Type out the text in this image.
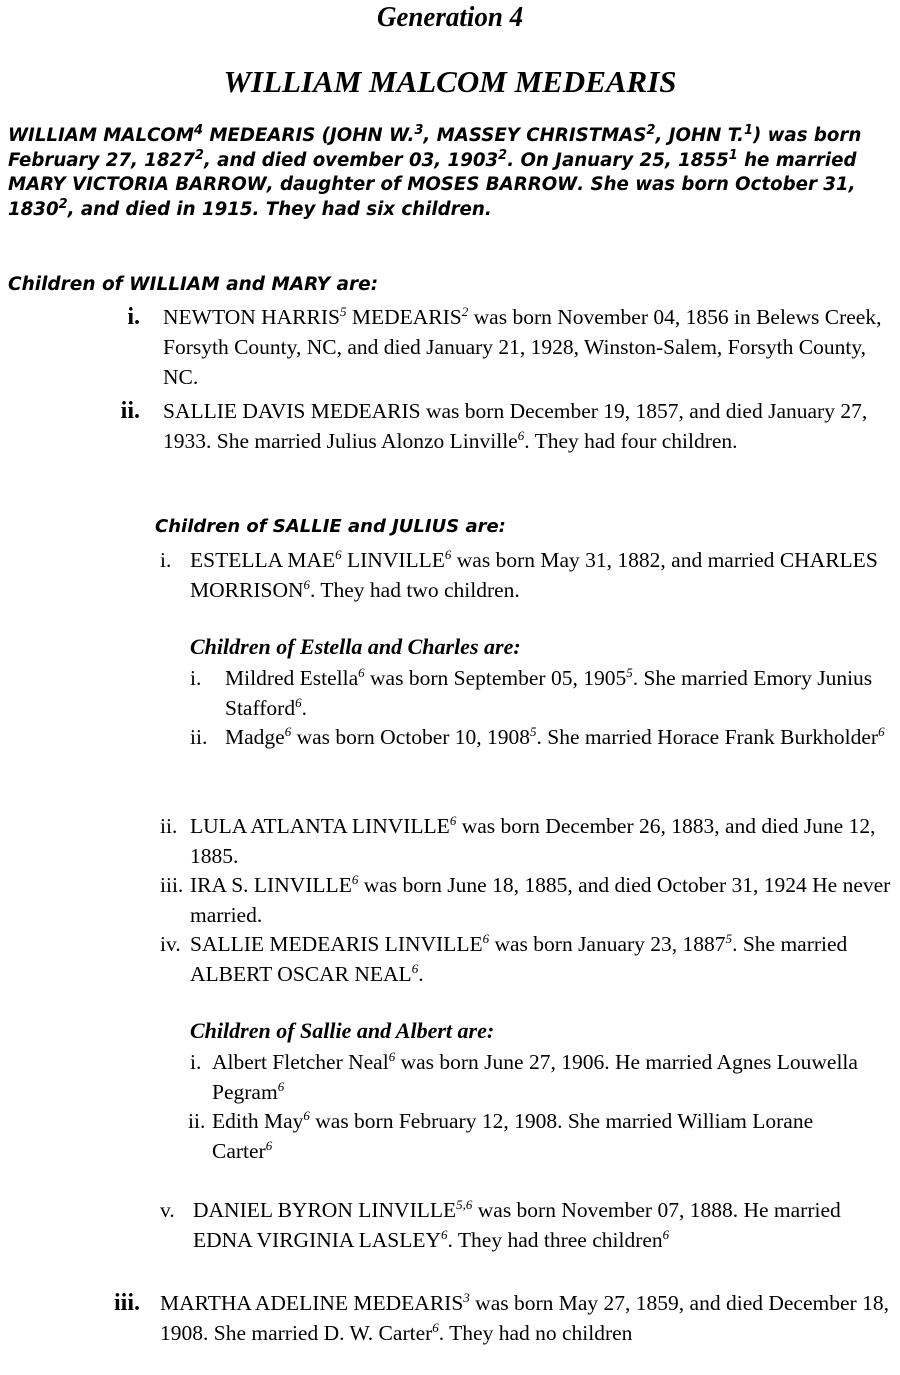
Generation 4
WILLIAM MALCOM MEDEARIS
WILLIAM MALCOM$^4$ MEDEARIS (JOHN W.$^3$, MASSEY CHRISTMAS$^2$, JOHN T.$^1$) was born February 27, 1827$^2$, and died ovember 03, 1903$^2$. On January 25, 1855$^1$ he married MARY VICTORIA BARROW, daughter of MOSES BARROW. She was born October 31, 1830$^2$, and died in 1915. They had six children.
Children of WILLIAM and MARY are:
i. NEWTON HARRIS$^5$ MEDEARIS$^2$ was born November 04, 1856 in Belews Creek, Forsyth County, NC, and died January 21, 1928, Winston-Salem, Forsyth County, NC.
ii. SALLIE DAVIS MEDEARIS was born December 19, 1857, and died January 27, 1933. She married Julius Alonzo Linville$^6$. They had four children.
Children of SALLIE and JULIUS are:
i. ESTELLA MAE$^6$ LINVILLE$^6$ was born May 31, 1882, and married CHARLES MORRISON$^6$. They had two children.
Children of Estella and Charles are:
i. Mildred Estella$^6$ was born September 05, 1905$^5$. She married Emory Junius Stafford$^6$.
ii. Madge$^6$ was born October 10, 1908$^5$. She married Horace Frank Burkholder$^6$
ii. LULA ATLANTA LINVILLE$^6$ was born December 26, 1883, and died June 12, 1885.
iii. IRA S. LINVILLE$^6$ was born June 18, 1885, and died October 31, 1924 He never married.
iv. SALLIE MEDEARIS LINVILLE$^6$ was born January 23, 1887$^5$. She married ALBERT OSCAR NEAL$^6$.
Children of Sallie and Albert are:
i. Albert Fletcher Neal$^6$ was born June 27, 1906. He married Agnes Louwella Pegram$^6$
ii. Edith May$^6$ was born February 12, 1908. She married William Lorane Carter$^6$
v. DANIEL BYRON LINVILLE$^{5,6}$ was born November 07, 1888. He married EDNA VIRGINIA LASLEY$^6$. They had three children$^6$
iii. MARTHA ADELINE MEDEARIS$^3$ was born May 27, 1859, and died December 18, 1908. She married D. W. Carter$^6$. They had no children
